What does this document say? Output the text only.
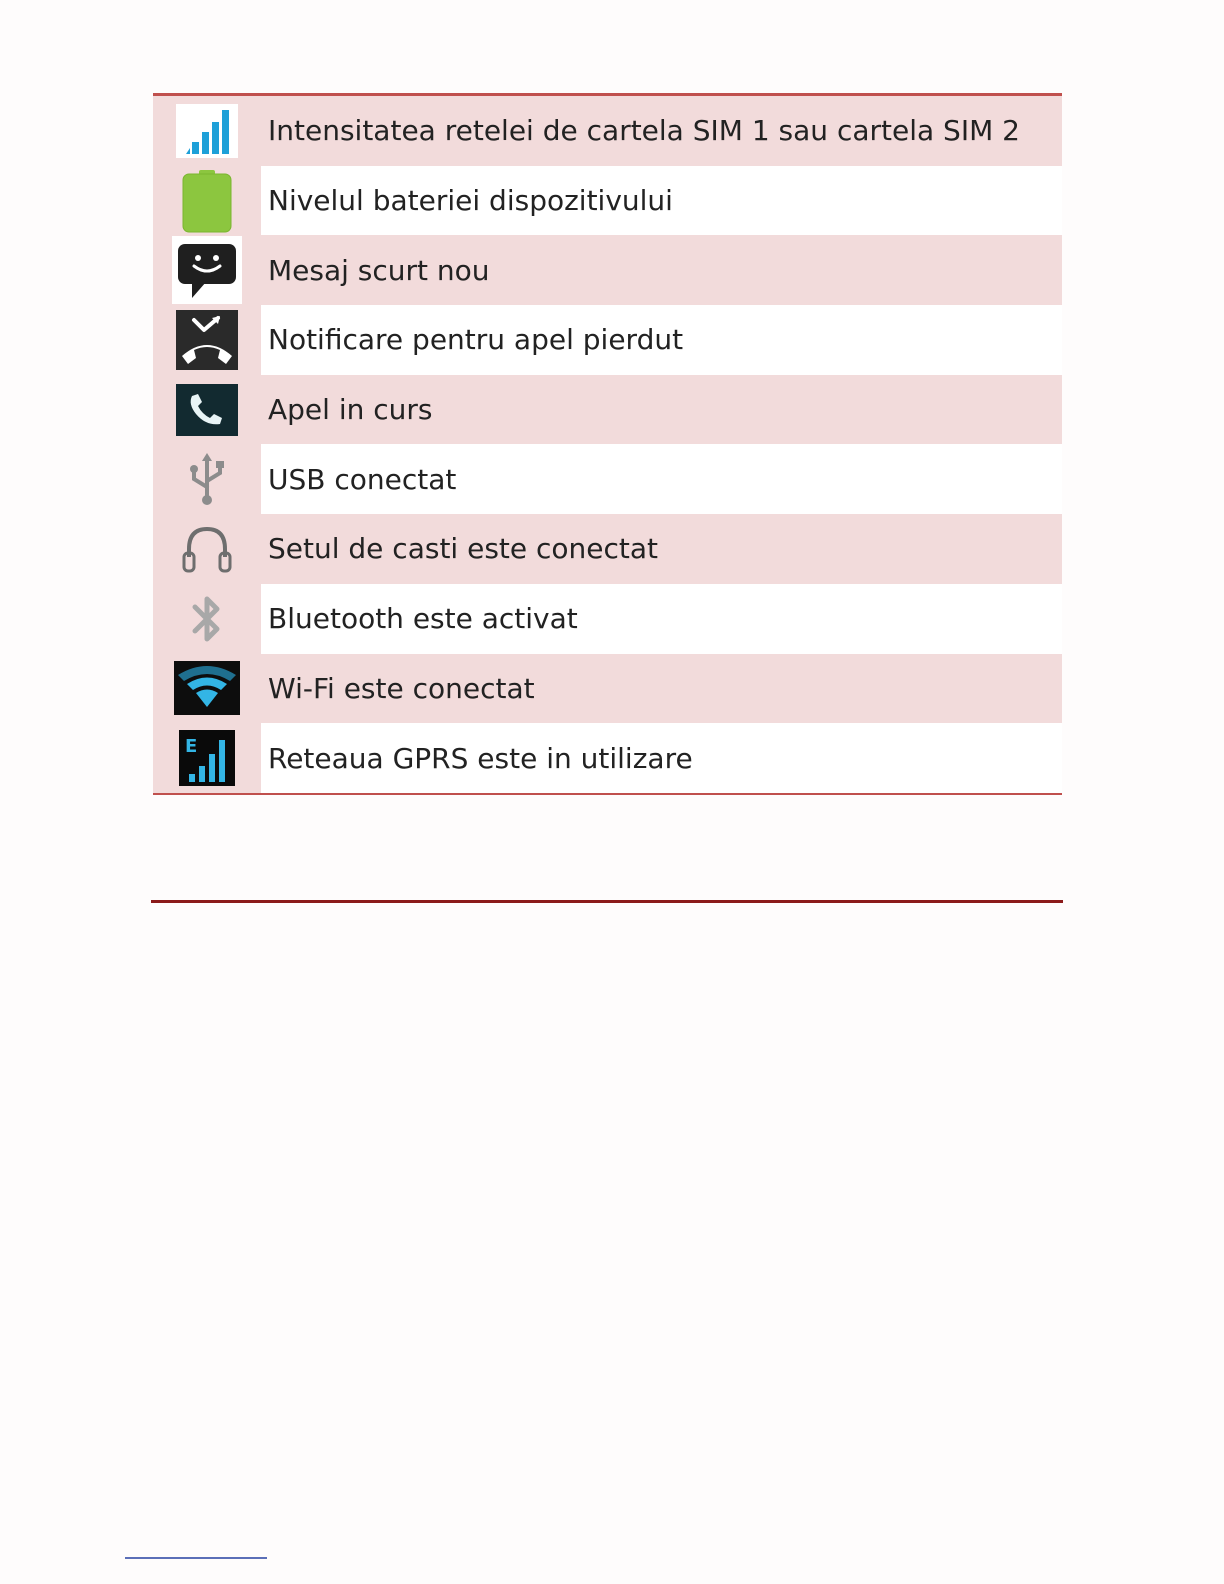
Intensitatea retelei de cartela SIM 1 sau cartela SIM 2
Nivelul bateriei dispozitivului
Mesaj scurt nou
Notificare pentru apel pierdut
Apel in curs
USB conectat
Setul de casti este conectat
Bluetooth este activat
Wi-Fi este conectat
E	Reteaua GPRS este in utilizare
